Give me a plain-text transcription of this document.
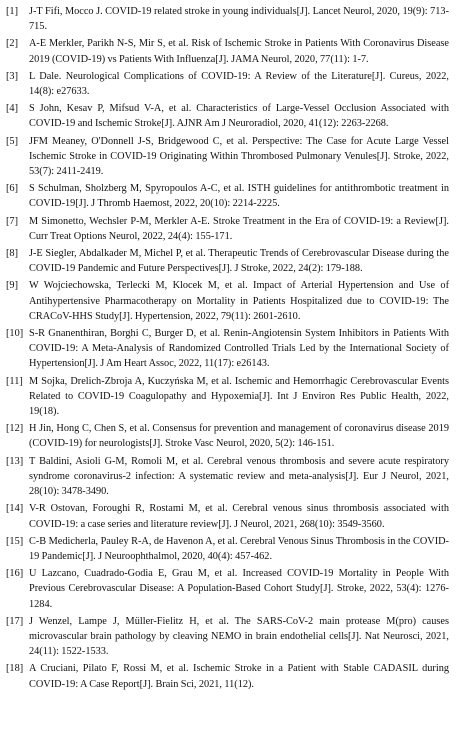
[1]	J-T Fifi, Mocco J. COVID-19 related stroke in young individuals[J]. Lancet Neurol, 2020, 19(9): 713-715.
[2]	A-E Merkler, Parikh N-S, Mir S, et al. Risk of Ischemic Stroke in Patients With Coronavirus Disease 2019 (COVID-19) vs Patients With Influenza[J]. JAMA Neurol, 2020, 77(11): 1-7.
[3]	L Dale. Neurological Complications of COVID-19: A Review of the Literature[J]. Cureus, 2022, 14(8): e27633.
[4]	S John, Kesav P, Mifsud V-A, et al. Characteristics of Large-Vessel Occlusion Associated with COVID-19 and Ischemic Stroke[J]. AJNR Am J Neuroradiol, 2020, 41(12): 2263-2268.
[5]	JFM Meaney, O'Donnell J-S, Bridgewood C, et al. Perspective: The Case for Acute Large Vessel Ischemic Stroke in COVID-19 Originating Within Thrombosed Pulmonary Venules[J]. Stroke, 2022, 53(7): 2411-2419.
[6]	S Schulman, Sholzberg M, Spyropoulos A-C, et al. ISTH guidelines for antithrombotic treatment in COVID-19[J]. J Thromb Haemost, 2022, 20(10): 2214-2225.
[7]	M Simonetto, Wechsler P-M, Merkler A-E. Stroke Treatment in the Era of COVID-19: a Review[J]. Curr Treat Options Neurol, 2022, 24(4): 155-171.
[8]	J-E Siegler, Abdalkader M, Michel P, et al. Therapeutic Trends of Cerebrovascular Disease during the COVID-19 Pandemic and Future Perspectives[J]. J Stroke, 2022, 24(2): 179-188.
[9]	W Wojciechowska, Terlecki M, Klocek M, et al. Impact of Arterial Hypertension and Use of Antihypertensive Pharmacotherapy on Mortality in Patients Hospitalized due to COVID-19: The CRACoV-HHS Study[J]. Hypertension, 2022, 79(11): 2601-2610.
[10] S-R Gnanenthiran, Borghi C, Burger D, et al. Renin-Angiotensin System Inhibitors in Patients With COVID-19: A Meta-Analysis of Randomized Controlled Trials Led by the International Society of Hypertension[J]. J Am Heart Assoc, 2022, 11(17): e26143.
[11] M Sojka, Drelich-Zbroja A, Kuczyńska M, et al. Ischemic and Hemorrhagic Cerebrovascular Events Related to COVID-19 Coagulopathy and Hypoxemia[J]. Int J Environ Res Public Health, 2022, 19(18).
[12] H Jin, Hong C, Chen S, et al. Consensus for prevention and management of coronavirus disease 2019 (COVID-19) for neurologists[J]. Stroke Vasc Neurol, 2020, 5(2): 146-151.
[13] T Baldini, Asioli G-M, Romoli M, et al. Cerebral venous thrombosis and severe acute respiratory syndrome coronavirus-2 infection: A systematic review and meta-analysis[J]. Eur J Neurol, 2021, 28(10): 3478-3490.
[14] V-R Ostovan, Foroughi R, Rostami M, et al. Cerebral venous sinus thrombosis associated with COVID-19: a case series and literature review[J]. J Neurol, 2021, 268(10): 3549-3560.
[15] C-B Medicherla, Pauley R-A, de Havenon A, et al. Cerebral Venous Sinus Thrombosis in the COVID-19 Pandemic[J]. J Neuroophthalmol, 2020, 40(4): 457-462.
[16] U Lazcano, Cuadrado-Godia E, Grau M, et al. Increased COVID-19 Mortality in People With Previous Cerebrovascular Disease: A Population-Based Cohort Study[J]. Stroke, 2022, 53(4): 1276-1284.
[17] J Wenzel, Lampe J, Müller-Fielitz H, et al. The SARS-CoV-2 main protease M(pro) causes microvascular brain pathology by cleaving NEMO in brain endothelial cells[J]. Nat Neurosci, 2021, 24(11): 1522-1533.
[18] A Cruciani, Pilato F, Rossi M, et al. Ischemic Stroke in a Patient with Stable CADASIL during COVID-19: A Case Report[J]. Brain Sci, 2021, 11(12).
